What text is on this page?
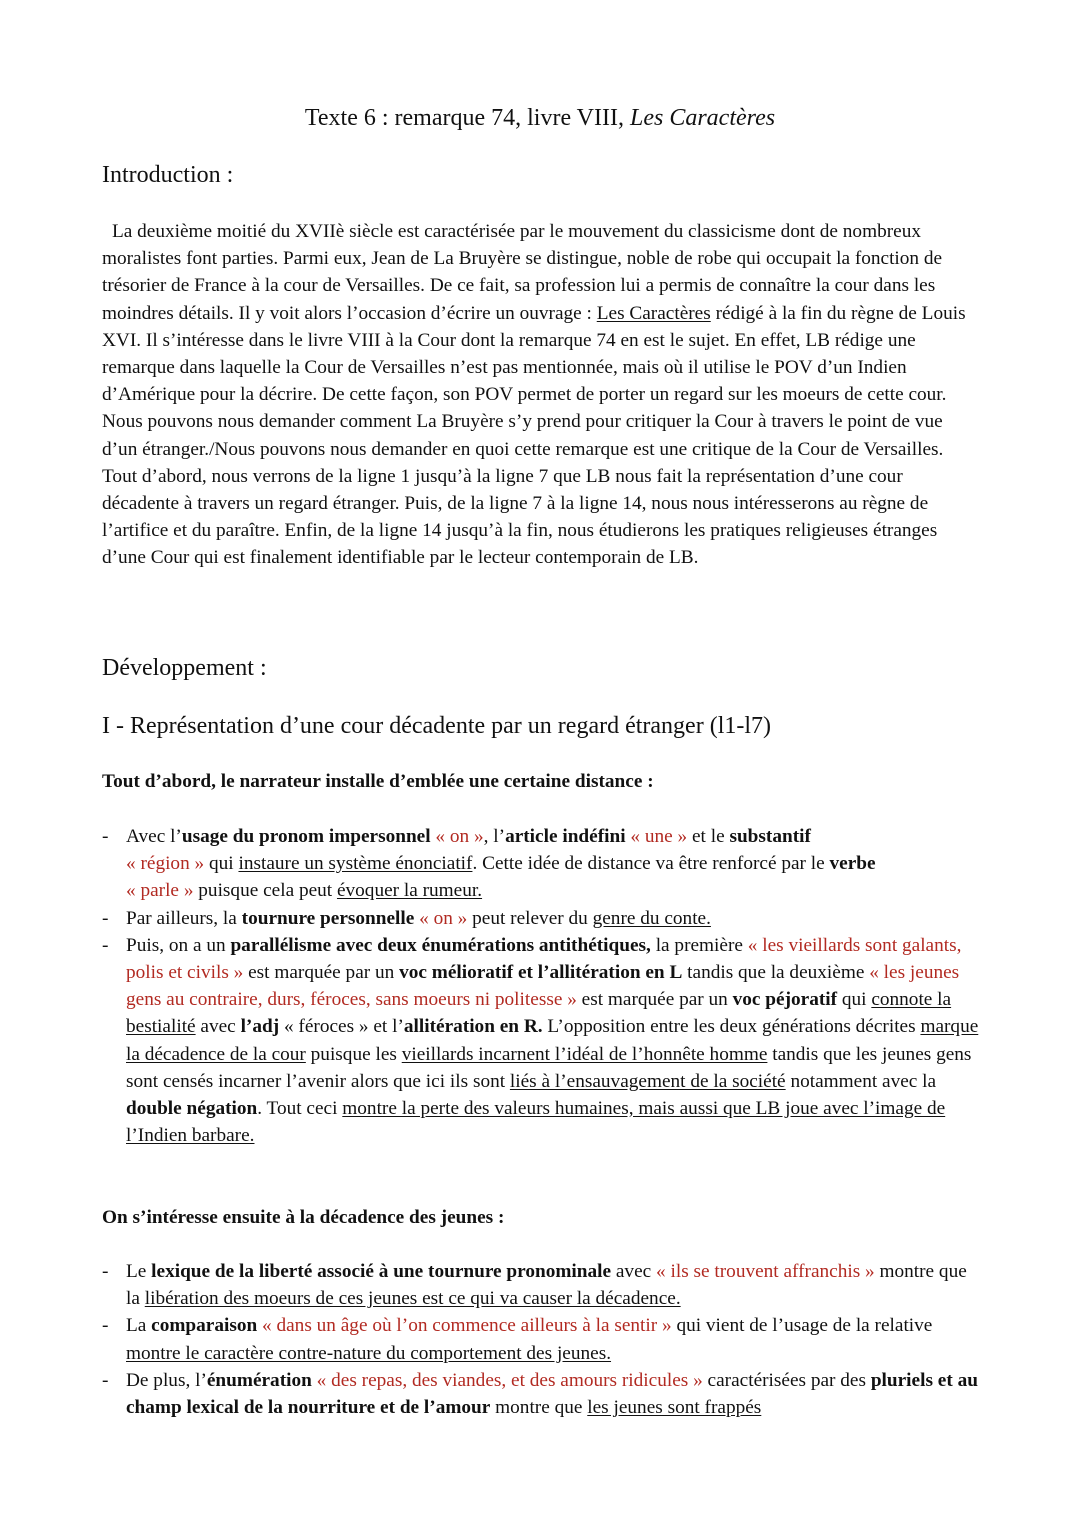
Texte 6 : remarque 74, livre VIII, Les Caractères
Introduction :
La deuxième moitié du XVIIè siècle est caractérisée par le mouvement du classicisme dont de nombreux moralistes font parties. Parmi eux, Jean de La Bruyère se distingue, noble de robe qui occupait la fonction de trésorier de France à la cour de Versailles. De ce fait, sa profession lui a permis de connaître la cour dans les moindres détails. Il y voit alors l’occasion d’écrire un ouvrage : Les Caractères rédigé à la fin du règne de Louis XVI. Il s’intéresse dans le livre VIII à la Cour dont la remarque 74 en est le sujet. En effet, LB rédige une remarque dans laquelle la Cour de Versailles n’est pas mentionnée, mais où il utilise le POV d’un Indien d’Amérique pour la décrire. De cette façon, son POV permet de porter un regard sur les moeurs de cette cour. Nous pouvons nous demander comment La Bruyère s’y prend pour critiquer la Cour à travers le point de vue d’un étranger./Nous pouvons nous demander en quoi cette remarque est une critique de la Cour de Versailles. Tout d’abord, nous verrons de la ligne 1 jusqu’à la ligne 7 que LB nous fait la représentation d’une cour décadente à travers un regard étranger. Puis, de la ligne 7 à la ligne 14, nous nous intéresserons au règne de l’artifice et du paraître. Enfin, de la ligne 14 jusqu’à la fin, nous étudierons les pratiques religieuses étranges d’une Cour qui est finalement identifiable par le lecteur contemporain de LB.
Développement :
I - Représentation d’une cour décadente par un regard étranger (l1-l7)
Tout d’abord, le narrateur installe d’emblée une certaine distance :
- Avec l’usage du pronom impersonnel « on », l’article indéfini « une » et le substantif
« région » qui instaure un système énonciatif. Cette idée de distance va être renforcé par le verbe
« parle » puisque cela peut évoquer la rumeur.
- Par ailleurs, la tournure personnelle « on » peut relever du genre du conte.
- Puis, on a un parallélisme avec deux énumérations antithétiques, la première « les vieillards sont galants, polis et civils » est marquée par un voc mélioratif et l’allitération en L tandis que la deuxième « les jeunes gens au contraire, durs, féroces, sans moeurs ni politesse » est marquée par un voc péjoratif qui connote la bestialité avec l’adj « féroces » et l’allitération en R. L’opposition entre les deux générations décrites marque la décadence de la cour puisque les vieillards incarnent l’idéal de l’honnête homme tandis que les jeunes gens sont censés incarner l’avenir alors que ici ils sont liés à l’ensauvagement de la société notamment avec la double négation. Tout ceci montre la perte des valeurs humaines, mais aussi que LB joue avec l’image de l’Indien barbare.
On s’intéresse ensuite à la décadence des jeunes :
- Le lexique de la liberté associé à une tournure pronominale avec « ils se trouvent affranchis » montre que la libération des moeurs de ces jeunes est ce qui va causer la décadence.
- La comparaison « dans un âge où l’on commence ailleurs à la sentir » qui vient de l’usage de la relative montre le caractère contre-nature du comportement des jeunes.
- De plus, l’énumération « des repas, des viandes, et des amours ridicules » caractérisées par des pluriels et au champ lexical de la nourriture et de l’amour montre que les jeunes sont frappés
